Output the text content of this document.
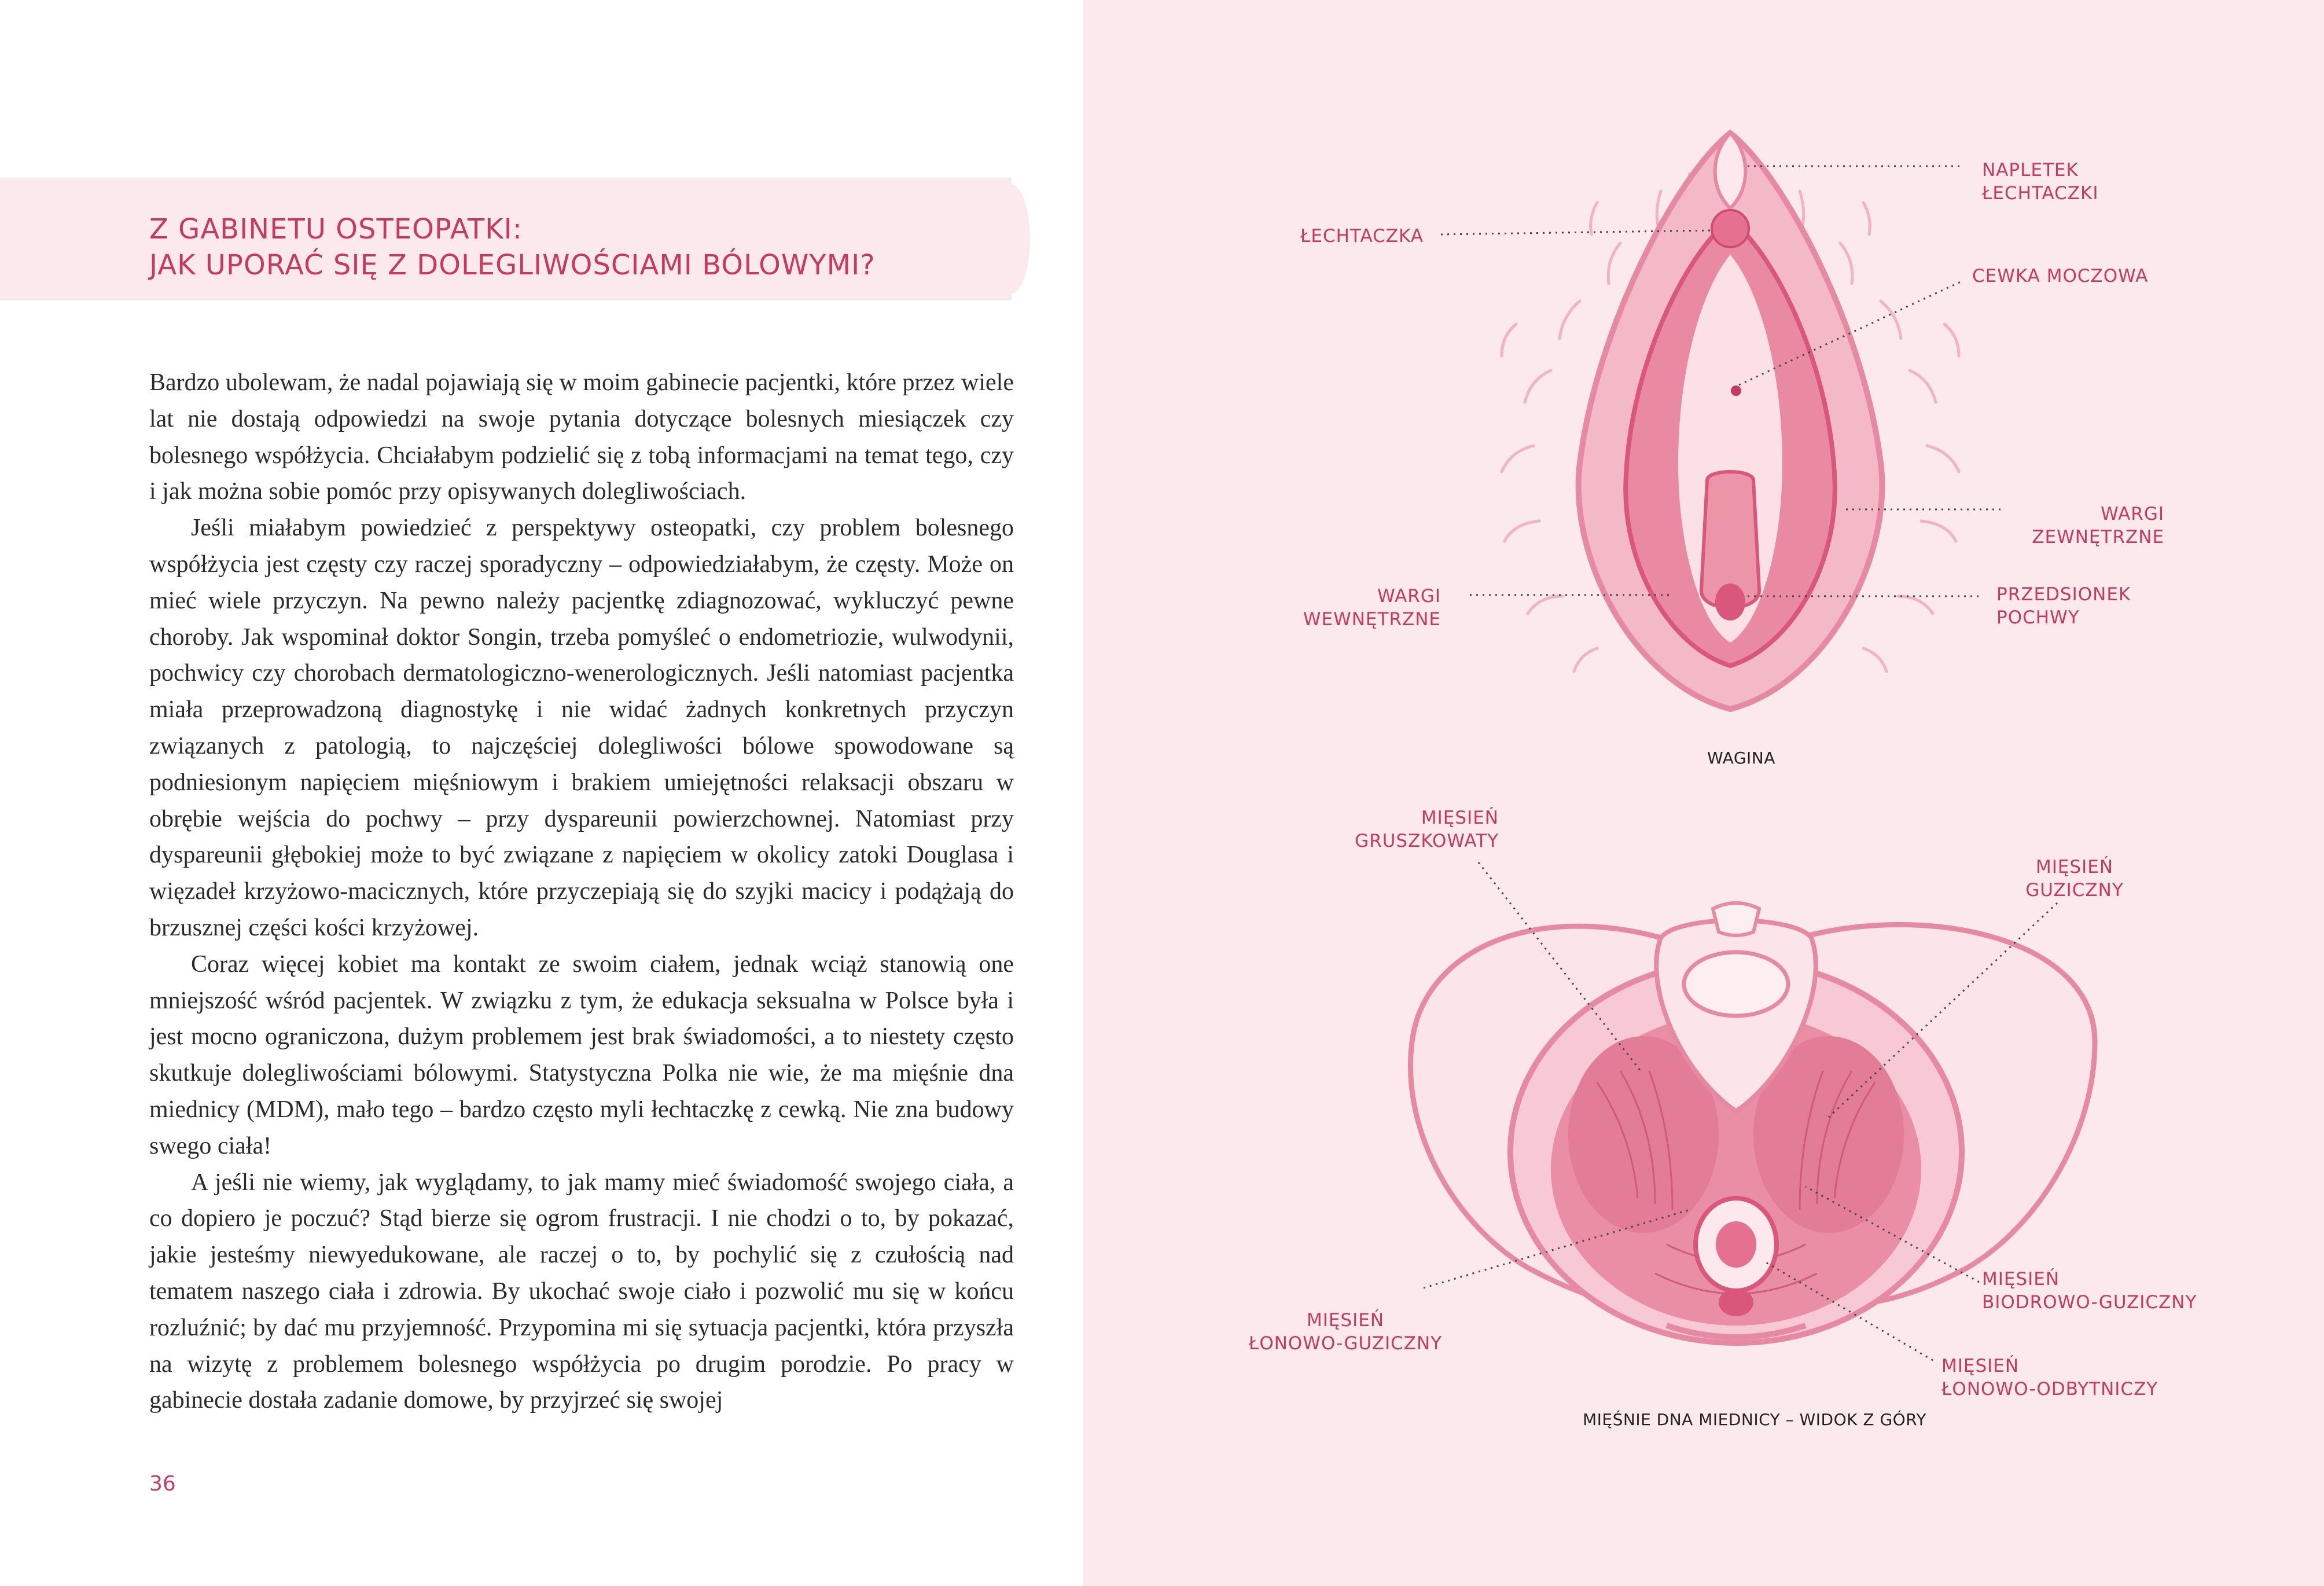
Z GABINETU OSTEOPATKI:
JAK UPORAĆ SIĘ Z DOLEGLIWOŚCIAMI BÓLOWYMI?

Bardzo ubolewam, że nadal pojawiają się w moim gabinecie pacjentki, które przez wiele lat nie dostają odpowiedzi na swoje pytania dotyczące bolesnych miesiączek czy bolesnego współżycia. Chciałabym podzielić się z tobą informacjami na temat tego, czy i jak można sobie pomóc przy opisywanych dolegliwościach.

Jeśli miałabym powiedzieć z perspektywy osteopatki, czy problem bolesnego współżycia jest częsty czy raczej sporadyczny – odpowiedziałabym, że częsty. Może on mieć wiele przyczyn. Na pewno należy pacjentkę zdiagnozować, wykluczyć pewne choroby. Jak wspominał doktor Songin, trzeba pomyśleć o endometriozie, wulwodynii, pochwicy czy chorobach dermatologiczno-wenerologicznych. Jeśli natomiast pacjentka miała przeprowadzoną diagnostykę i nie widać żadnych konkretnych przyczyn związanych z patologią, to najczęściej dolegliwości bólowe spowodowane są podniesionym napięciem mięśniowym i brakiem umiejętności relaksacji obszaru w obrębie wejścia do pochwy – przy dyspareunii powierzchownej. Natomiast przy dyspareunii głębokiej może to być związane z napięciem w okolicy zatoki Douglasa i więzadeł krzyżowo-macicznych, które przyczepiają się do szyjki macicy i podążają do brzusznej części kości krzyżowej.

Coraz więcej kobiet ma kontakt ze swoim ciałem, jednak wciąż stanowią one mniejszość wśród pacjentek. W związku z tym, że edukacja seksualna w Polsce była i jest mocno ograniczona, dużym problemem jest brak świadomości, a to niestety często skutkuje dolegliwościami bólowymi. Statystyczna Polka nie wie, że ma mięśnie dna miednicy (MDM), mało tego – bardzo często myli łechtaczkę z cewką. Nie zna budowy swego ciała!

A jeśli nie wiemy, jak wyglądamy, to jak mamy mieć świadomość swojego ciała, a co dopiero je poczuć? Stąd bierze się ogrom frustracji. I nie chodzi o to, by pokazać, jakie jesteśmy niewyedukowane, ale raczej o to, by pochylić się z czułością nad tematem naszego ciała i zdrowia. By ukochać swoje ciało i pozwolić mu się w końcu rozluźnić; by dać mu przyjemność. Przypomina mi się sytuacja pacjentki, która przyszła na wizytę z problemem bolesnego współżycia po drugim porodzie. Po pracy w gabinecie dostała zadanie domowe, by przyjrzeć się swojej

36
NAPLETEK
ŁECHTACZKI
ŁECHTACZKA
CEWKA MOCZOWA
WARGI
ZEWNĘTRZNE
WARGI
WEWNĘTRZNE
PRZEDSIONEK
POCHWY
WAGINA
MIĘSIEŃ
GRUSZKOWATY
MIĘSIEŃ
GUZICZNY
MIĘSIEŃ
BIODROWO-GUZICZNY
MIĘSIEŃ
ŁONOWO-GUZICZNY
MIĘSIEŃ
ŁONOWO-ODBYTNICZY
MIĘŚNIE DNA MIEDNICY – WIDOK Z GÓRY
